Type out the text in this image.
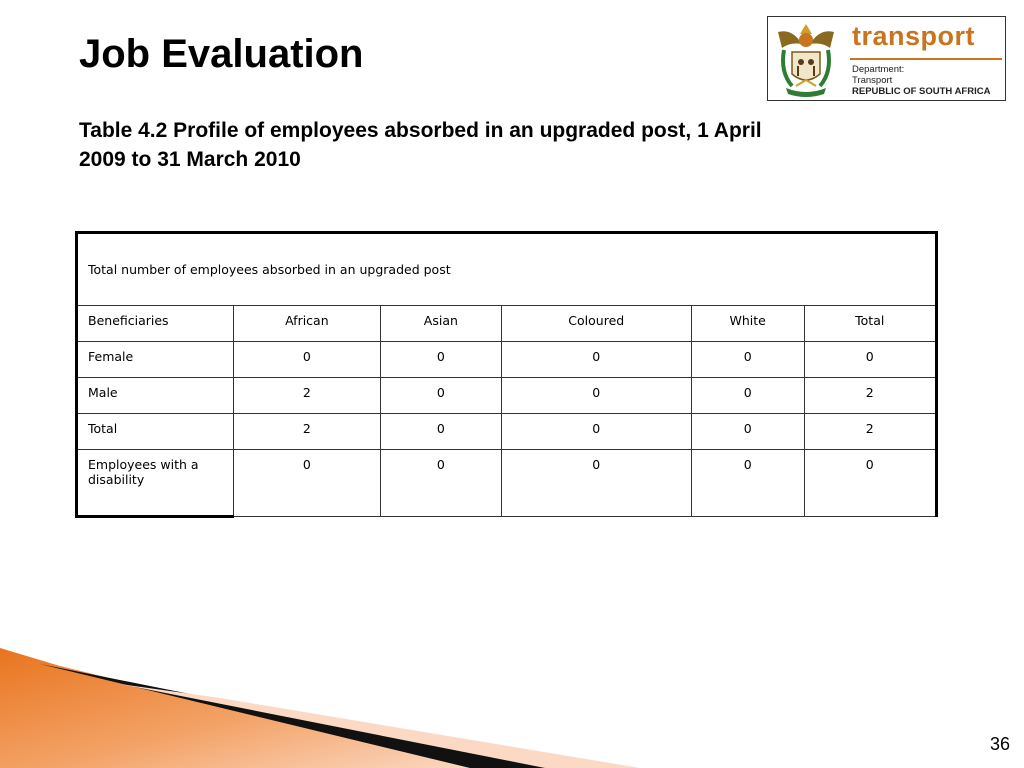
Job Evaluation

Table 4.2 Profile of employees absorbed in an upgraded post, 1 April 2009 to 31 March 2010

transport
Department:
Transport
REPUBLIC OF SOUTH AFRICA
Total number of employees absorbed in an upgraded post					
Beneficiaries	African	Asian	Coloured	White	Total
Female	0	0	0	0	0
Male	2	0	0	0	2
Total	2	0	0	0	2
Employees with a disability	0	0	0	0	0
36
